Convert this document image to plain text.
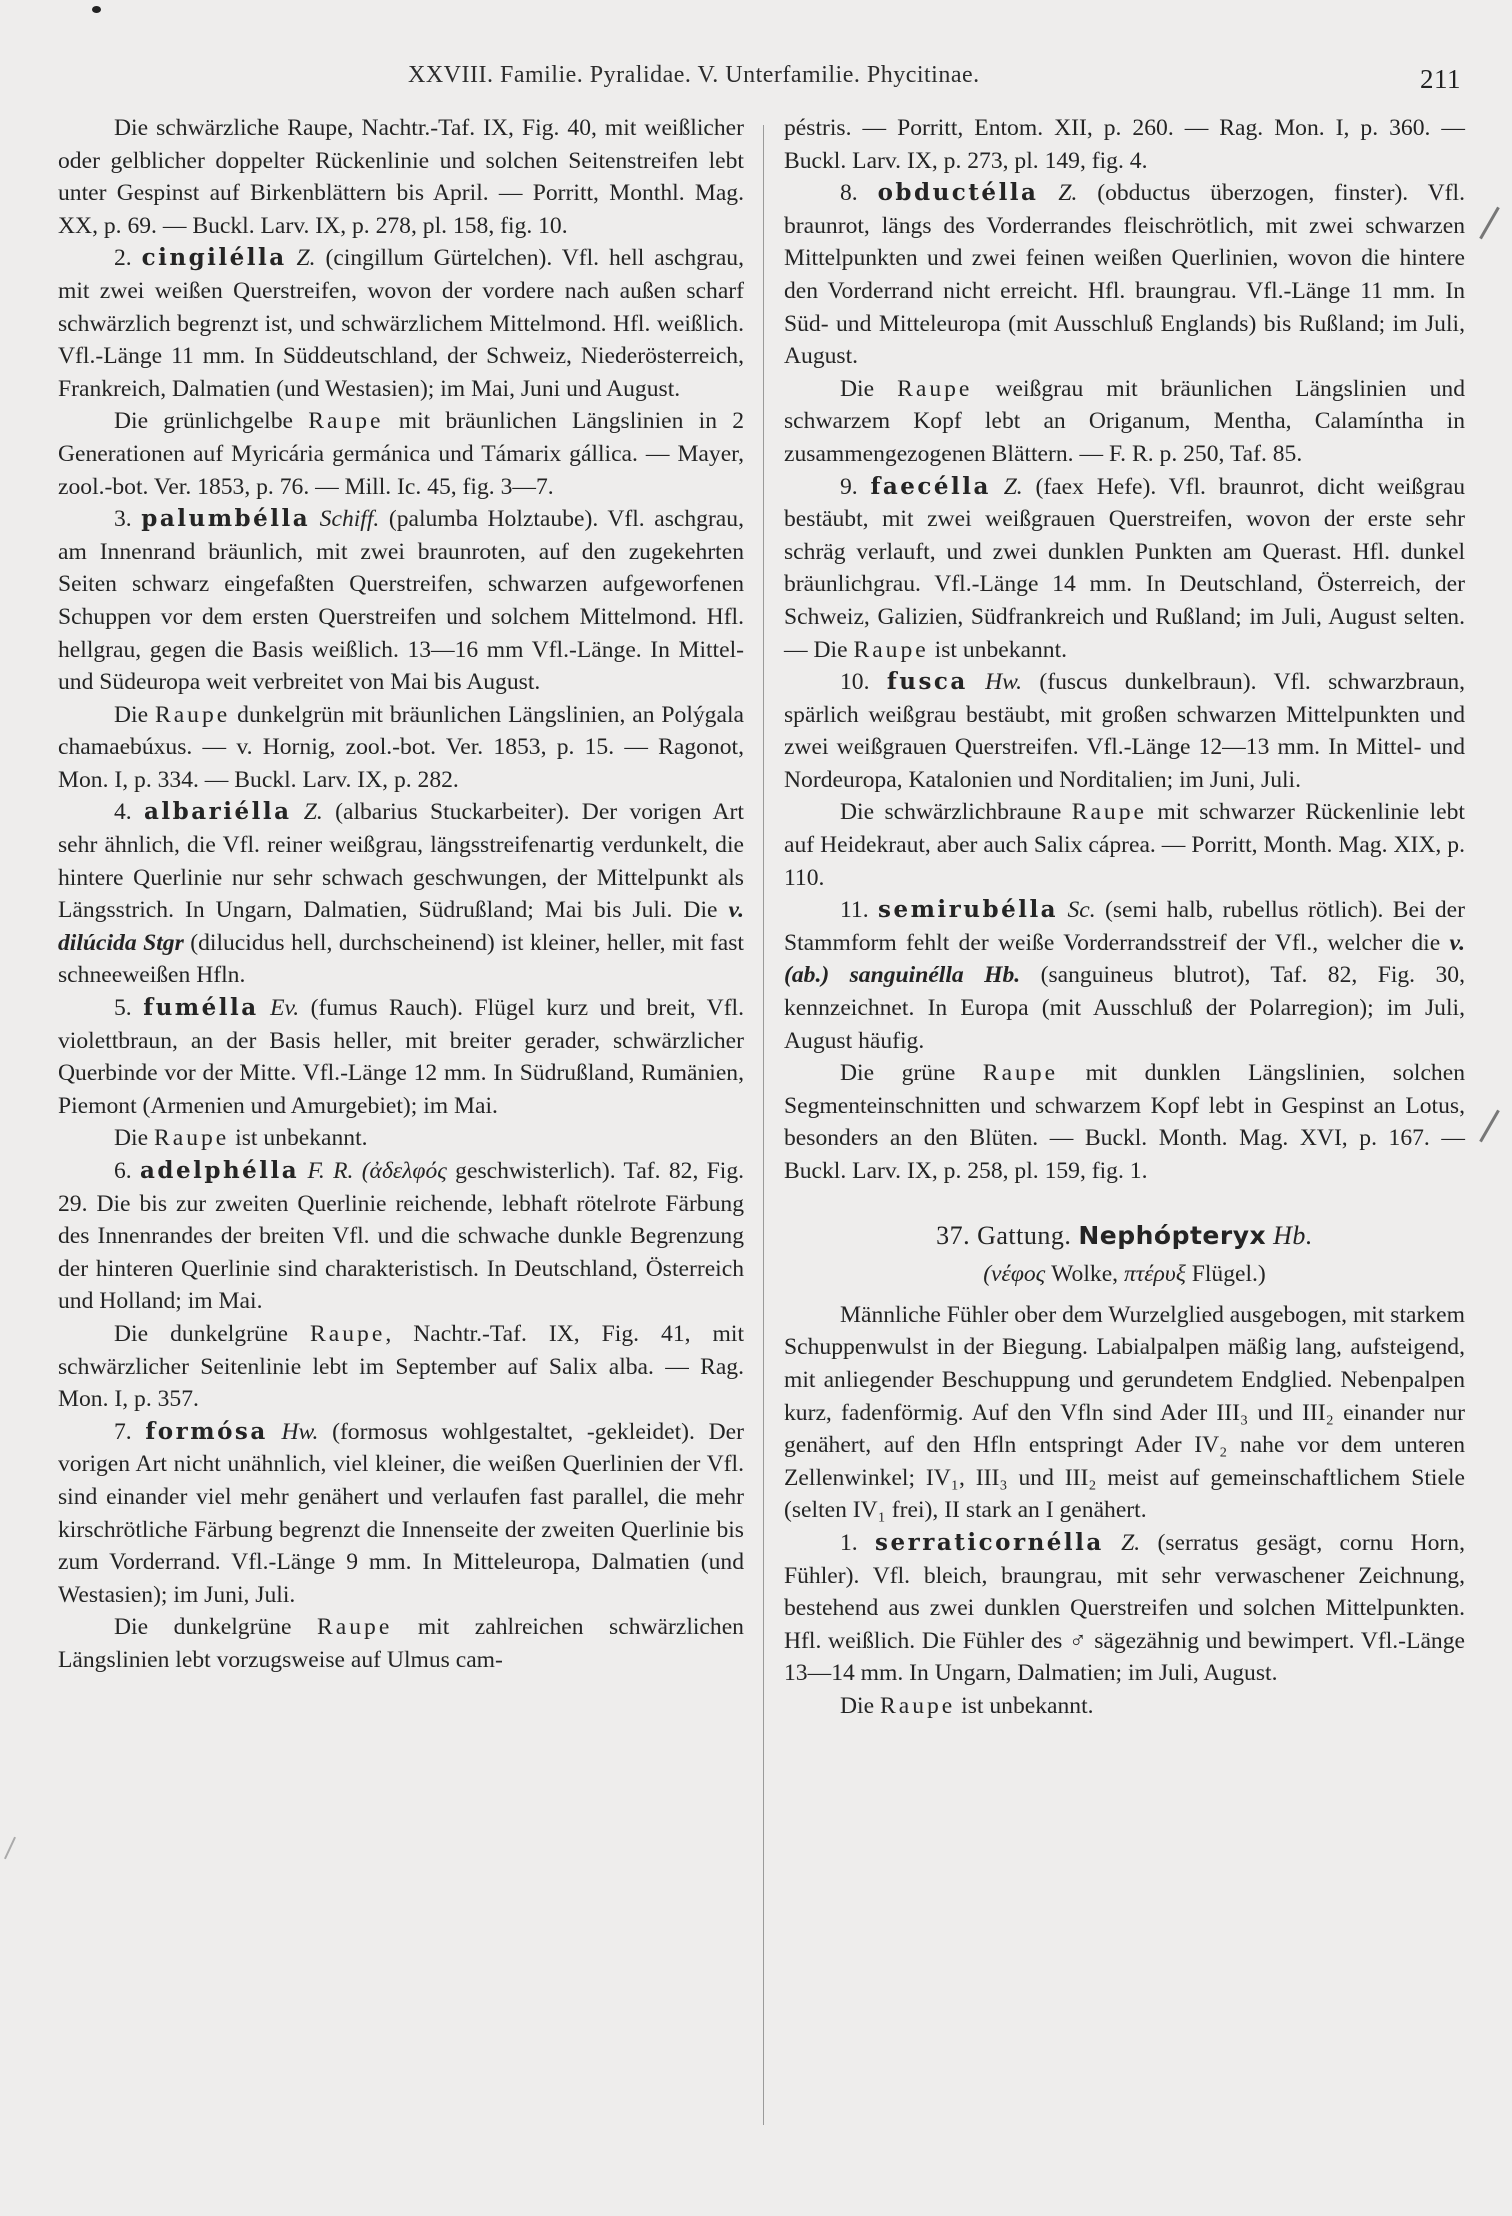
XXVIII. Familie. Pyralidae. V. Unterfamilie. Phycitinae.	211

Die schwärzliche Raupe, Nachtr.-Taf. IX, Fig. 40, mit weißlicher oder gelblicher doppelter Rückenlinie und solchen Seitenstreifen lebt unter Gespinst auf Birkenblättern bis April. — Porritt, Monthl. Mag. XX, p. 69. — Buckl. Larv. IX, p. 278, pl. 158, fig. 10.

2. cingilélla Z. (cingillum Gürtelchen). Vfl. hell aschgrau, mit zwei weißen Querstreifen, wovon der vordere nach außen scharf schwärzlich begrenzt ist, und schwärzlichem Mittelmond. Hfl. weißlich. Vfl.-Länge 11 mm. In Süddeutschland, der Schweiz, Niederösterreich, Frankreich, Dalmatien (und Westasien); im Mai, Juni und August.

Die grünlichgelbe Raupe mit bräunlichen Längslinien in 2 Generationen auf Myricária germánica und Támarix gállica. — Mayer, zool.-bot. Ver. 1853, p. 76. — Mill. Ic. 45, fig. 3—7.

3. palumbélla Schiff. (palumba Holztaube). Vfl. aschgrau, am Innenrand bräunlich, mit zwei braunroten, auf den zugekehrten Seiten schwarz eingefaßten Querstreifen, schwarzen aufgeworfenen Schuppen vor dem ersten Querstreifen und solchem Mittelmond. Hfl. hellgrau, gegen die Basis weißlich. 13—16 mm Vfl.-Länge. In Mittel- und Südeuropa weit verbreitet von Mai bis August.

Die Raupe dunkelgrün mit bräunlichen Längslinien, an Polýgala chamaebúxus. — v. Hornig, zool.-bot. Ver. 1853, p. 15. — Ragonot, Mon. I, p. 334. — Buckl. Larv. IX, p. 282.

4. albariélla Z. (albarius Stuckarbeiter). Der vorigen Art sehr ähnlich, die Vfl. reiner weißgrau, längsstreifenartig verdunkelt, die hintere Querlinie nur sehr schwach geschwungen, der Mittelpunkt als Längsstrich. In Ungarn, Dalmatien, Südrußland; Mai bis Juli. Die v. dilúcida Stgr (dilucidus hell, durchscheinend) ist kleiner, heller, mit fast schneeweißen Hfln.

5. fumélla Ev. (fumus Rauch). Flügel kurz und breit, Vfl. violettbraun, an der Basis heller, mit breiter gerader, schwärzlicher Querbinde vor der Mitte. Vfl.-Länge 12 mm. In Südrußland, Rumänien, Piemont (Armenien und Amurgebiet); im Mai.

Die Raupe ist unbekannt.

6. adelphélla F. R. (ἀδελφός geschwisterlich). Taf. 82, Fig. 29. Die bis zur zweiten Querlinie reichende, lebhaft rötelrote Färbung des Innenrandes der breiten Vfl. und die schwache dunkle Begrenzung der hinteren Querlinie sind charakteristisch. In Deutschland, Österreich und Holland; im Mai.

Die dunkelgrüne Raupe, Nachtr.-Taf. IX, Fig. 41, mit schwärzlicher Seitenlinie lebt im September auf Salix alba. — Rag. Mon. I, p. 357.

7. formósa Hw. (formosus wohlgestaltet, -gekleidet). Der vorigen Art nicht unähnlich, viel kleiner, die weißen Querlinien der Vfl. sind einander viel mehr genähert und verlaufen fast parallel, die mehr kirschrötliche Färbung begrenzt die Innenseite der zweiten Querlinie bis zum Vorderrand. Vfl.-Länge 9 mm. In Mitteleuropa, Dalmatien (und Westasien); im Juni, Juli.

Die dunkelgrüne Raupe mit zahlreichen schwärzlichen Längslinien lebt vorzugsweise auf Ulmus cam-

péstris. — Porritt, Entom. XII, p. 260. — Rag. Mon. I, p. 360. — Buckl. Larv. IX, p. 273, pl. 149, fig. 4.

8. obductélla Z. (obductus überzogen, finster). Vfl. braunrot, längs des Vorderrandes fleischrötlich, mit zwei schwarzen Mittelpunkten und zwei feinen weißen Querlinien, wovon die hintere den Vorderrand nicht erreicht. Hfl. braungrau. Vfl.-Länge 11 mm. In Süd- und Mitteleuropa (mit Ausschluß Englands) bis Rußland; im Juli, August.

Die Raupe weißgrau mit bräunlichen Längslinien und schwarzem Kopf lebt an Origanum, Mentha, Calamíntha in zusammengezogenen Blättern. — F. R. p. 250, Taf. 85.

9. faecélla Z. (faex Hefe). Vfl. braunrot, dicht weißgrau bestäubt, mit zwei weißgrauen Querstreifen, wovon der erste sehr schräg verlauft, und zwei dunklen Punkten am Querast. Hfl. dunkel bräunlichgrau. Vfl.-Länge 14 mm. In Deutschland, Österreich, der Schweiz, Galizien, Südfrankreich und Rußland; im Juli, August selten. — Die Raupe ist unbekannt.

10. fusca Hw. (fuscus dunkelbraun). Vfl. schwarzbraun, spärlich weißgrau bestäubt, mit großen schwarzen Mittelpunkten und zwei weißgrauen Querstreifen. Vfl.-Länge 12—13 mm. In Mittel- und Nordeuropa, Katalonien und Norditalien; im Juni, Juli.

Die schwärzlichbraune Raupe mit schwarzer Rückenlinie lebt auf Heidekraut, aber auch Salix cáprea. — Porritt, Month. Mag. XIX, p. 110.

11. semirubélla Sc. (semi halb, rubellus rötlich). Bei der Stammform fehlt der weiße Vorderrandsstreif der Vfl., welcher die v. (ab.) sanguinélla Hb. (sanguineus blutrot), Taf. 82, Fig. 30, kennzeichnet. In Europa (mit Ausschluß der Polarregion); im Juli, August häufig.

Die grüne Raupe mit dunklen Längslinien, solchen Segmenteinschnitten und schwarzem Kopf lebt in Gespinst an Lotus, besonders an den Blüten. — Buckl. Month. Mag. XVI, p. 167. — Buckl. Larv. IX, p. 258, pl. 159, fig. 1.

37. Gattung. Nephópteryx Hb.

(νέφος Wolke, πτέρυξ Flügel.)

Männliche Fühler ober dem Wurzelglied ausgebogen, mit starkem Schuppenwulst in der Biegung. Labialpalpen mäßig lang, aufsteigend, mit anliegender Beschuppung und gerundetem Endglied. Nebenpalpen kurz, fadenförmig. Auf den Vfln sind Ader III₃ und III₂ einander nur genähert, auf den Hfln entspringt Ader IV₂ nahe vor dem unteren Zellenwinkel; IV₁, III₃ und III₂ meist auf gemeinschaftlichem Stiele (selten IV₁ frei), II stark an I genähert.

1. serraticornélla Z. (serratus gesägt, cornu Horn, Fühler). Vfl. bleich, braungrau, mit sehr verwaschener Zeichnung, bestehend aus zwei dunklen Querstreifen und solchen Mittelpunkten. Hfl. weißlich. Die Fühler des ♂ sägezähnig und bewimpert. Vfl.-Länge 13—14 mm. In Ungarn, Dalmatien; im Juli, August.

Die Raupe ist unbekannt.
